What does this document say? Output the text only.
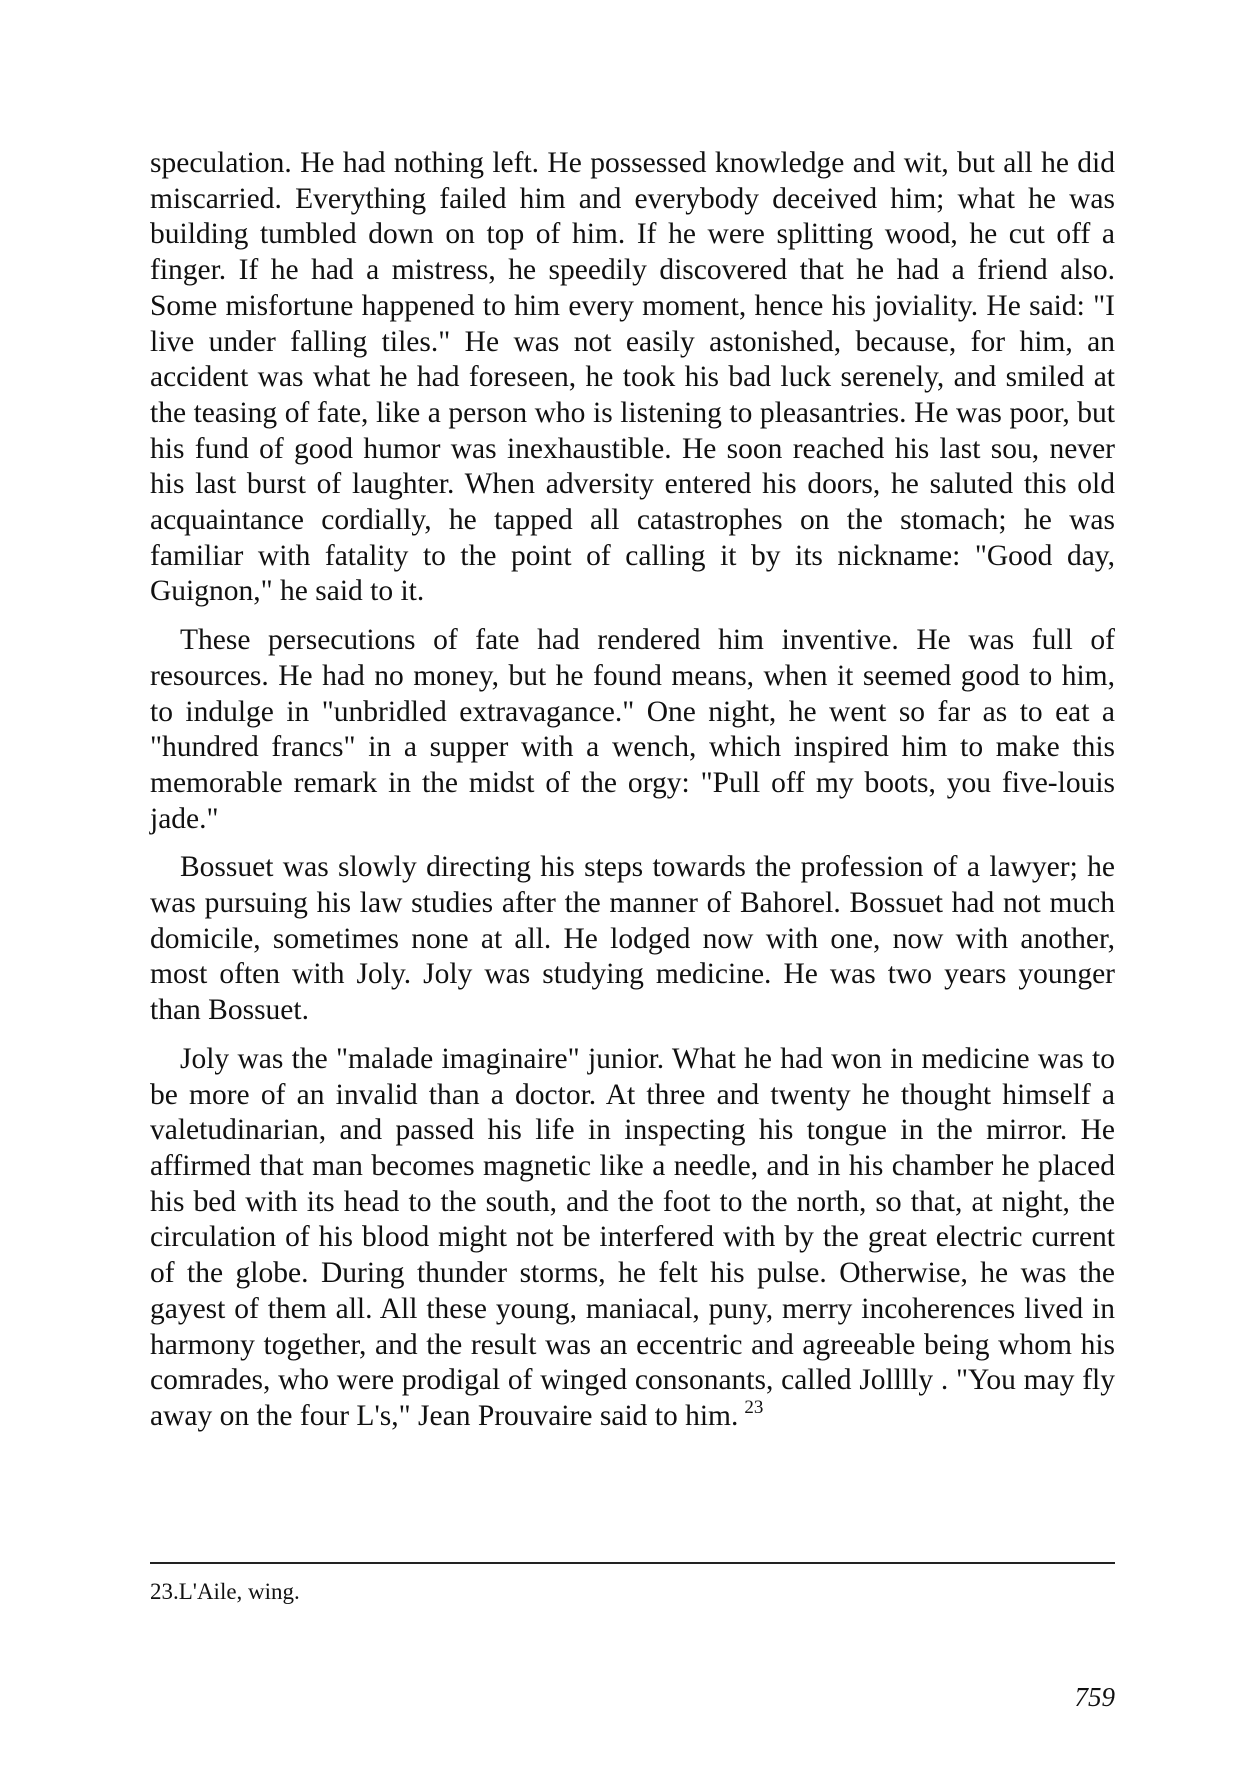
speculation. He had nothing left. He possessed knowledge and wit, but all he did miscarried. Everything failed him and everybody deceived him; what he was building tumbled down on top of him. If he were splitting wood, he cut off a finger. If he had a mistress, he speedily discovered that he had a friend also. Some misfortune happened to him every moment, hence his joviality. He said: "I live under falling tiles." He was not easily astonished, because, for him, an accident was what he had foreseen, he took his bad luck serenely, and smiled at the teasing of fate, like a person who is listening to pleasantries. He was poor, but his fund of good humor was inexhaustible. He soon reached his last sou, never his last burst of laughter. When adversity entered his doors, he saluted this old acquaintance cordially, he tapped all catastrophes on the stomach; he was familiar with fatality to the point of calling it by its nickname: "Good day, Guignon," he said to it.

These persecutions of fate had rendered him inventive. He was full of resources. He had no money, but he found means, when it seemed good to him, to indulge in "unbridled extravagance." One night, he went so far as to eat a "hundred francs" in a supper with a wench, which inspired him to make this memorable remark in the midst of the orgy: "Pull off my boots, you five-louis jade."

Bossuet was slowly directing his steps towards the profession of a lawyer; he was pursuing his law studies after the manner of Bahorel. Bossuet had not much domicile, sometimes none at all. He lodged now with one, now with another, most often with Joly. Joly was studying medicine. He was two years younger than Bossuet.

Joly was the "malade imaginaire" junior. What he had won in medicine was to be more of an invalid than a doctor. At three and twenty he thought himself a valetudinarian, and passed his life in inspecting his tongue in the mirror. He affirmed that man becomes magnetic like a needle, and in his chamber he placed his bed with its head to the south, and the foot to the north, so that, at night, the circulation of his blood might not be interfered with by the great electric current of the globe. During thunder storms, he felt his pulse. Otherwise, he was the gayest of them all. All these young, maniacal, puny, merry incoherences lived in harmony together, and the result was an eccentric and agreeable being whom his comrades, who were prodigal of winged consonants, called Jolllly . "You may fly away on the four L's," Jean Prouvaire said to him. $^{23}$

23.L'Aile, wing.
759
